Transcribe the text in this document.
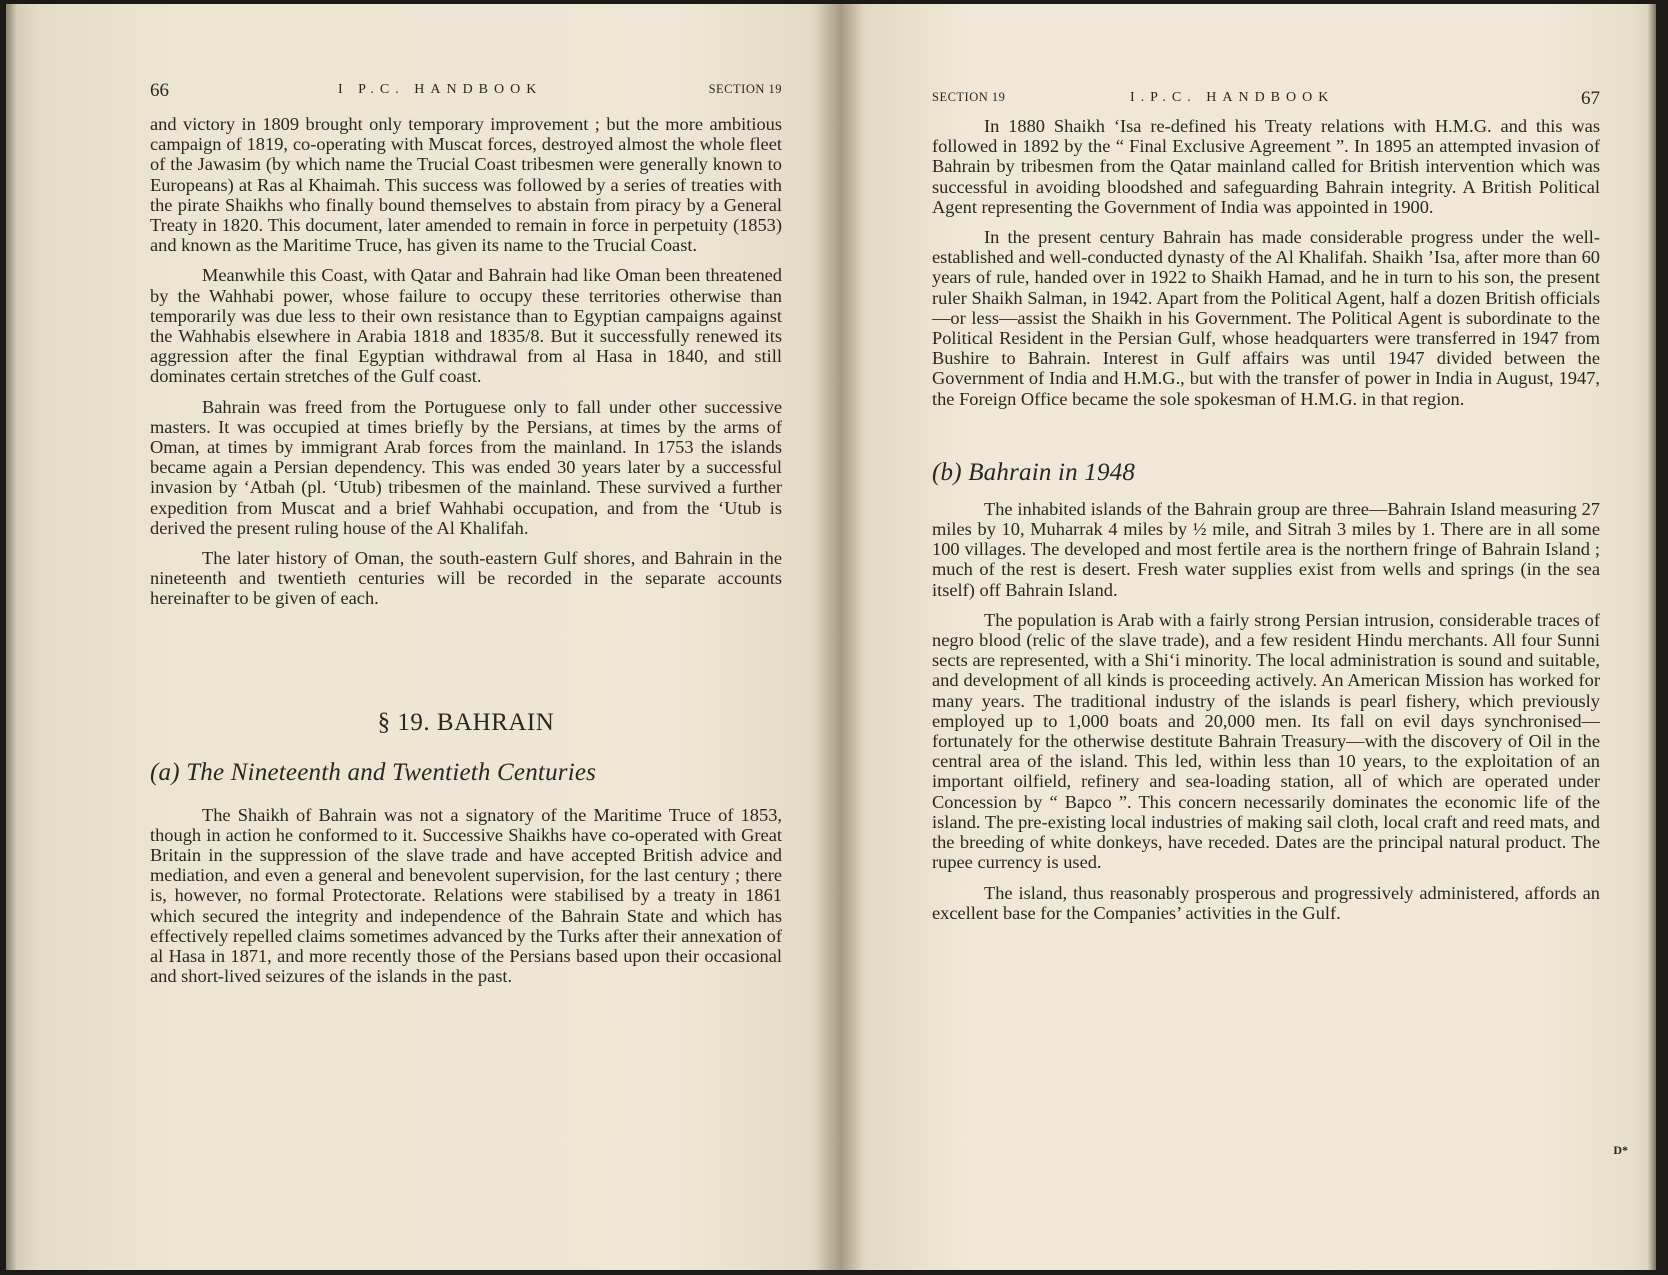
66	I P.C. HANDBOOK	SECTION 19

and victory in 1809 brought only temporary improvement ; but the more ambitious campaign of 1819, co-operating with Muscat forces, destroyed almost the whole fleet of the Jawasim (by which name the Trucial Coast tribesmen were generally known to Europeans) at Ras al Khaimah. This success was followed by a series of treaties with the pirate Shaikhs who finally bound themselves to abstain from piracy by a General Treaty in 1820. This document, later amended to remain in force in perpetuity (1853) and known as the Maritime Truce, has given its name to the Trucial Coast.

Meanwhile this Coast, with Qatar and Bahrain had like Oman been threatened by the Wahhabi power, whose failure to occupy these territories otherwise than temporarily was due less to their own resistance than to Egyptian campaigns against the Wahhabis elsewhere in Arabia 1818 and 1835/8. But it successfully renewed its aggression after the final Egyptian withdrawal from al Hasa in 1840, and still dominates certain stretches of the Gulf coast.

Bahrain was freed from the Portuguese only to fall under other successive masters. It was occupied at times briefly by the Persians, at times by the arms of Oman, at times by immigrant Arab forces from the mainland. In 1753 the islands became again a Persian dependency. This was ended 30 years later by a successful invasion by ‘Atbah (pl. ‘Utub) tribesmen of the mainland. These survived a further expedition from Muscat and a brief Wahhabi occupation, and from the ‘Utub is derived the present ruling house of the Al Khalifah.

The later history of Oman, the south-eastern Gulf shores, and Bahrain in the nineteenth and twentieth centuries will be recorded in the separate accounts hereinafter to be given of each.

§ 19. BAHRAIN
(a) The Nineteenth and Twentieth Centuries

The Shaikh of Bahrain was not a signatory of the Maritime Truce of 1853, though in action he conformed to it. Successive Shaikhs have co-operated with Great Britain in the suppression of the slave trade and have accepted British advice and mediation, and even a general and benevolent supervision, for the last century ; there is, however, no formal Protectorate. Relations were stabilised by a treaty in 1861 which secured the integrity and independence of the Bahrain State and which has effectively repelled claims sometimes advanced by the Turks after their annexation of al Hasa in 1871, and more recently those of the Persians based upon their occasional and short-lived seizures of the islands in the past.

SECTION 19	I.P.C. HANDBOOK	67

In 1880 Shaikh ‘Isa re-defined his Treaty relations with H.M.G. and this was followed in 1892 by the “ Final Exclusive Agreement ”. In 1895 an attempted invasion of Bahrain by tribesmen from the Qatar mainland called for British intervention which was successful in avoiding bloodshed and safeguarding Bahrain integrity. A British Political Agent representing the Government of India was appointed in 1900.

In the present century Bahrain has made considerable progress under the well-established and well-conducted dynasty of the Al Khalifah. Shaikh ’Isa, after more than 60 years of rule, handed over in 1922 to Shaikh Hamad, and he in turn to his son, the present ruler Shaikh Salman, in 1942. Apart from the Political Agent, half a dozen British officials—or less—assist the Shaikh in his Government. The Political Agent is subordinate to the Political Resident in the Persian Gulf, whose headquarters were transferred in 1947 from Bushire to Bahrain. Interest in Gulf affairs was until 1947 divided between the Government of India and H.M.G., but with the transfer of power in India in August, 1947, the Foreign Office became the sole spokesman of H.M.G. in that region.

(b) Bahrain in 1948

The inhabited islands of the Bahrain group are three—Bahrain Island measuring 27 miles by 10, Muharrak 4 miles by ½ mile, and Sitrah 3 miles by 1. There are in all some 100 villages. The developed and most fertile area is the northern fringe of Bahrain Island ; much of the rest is desert. Fresh water supplies exist from wells and springs (in the sea itself) off Bahrain Island.

The population is Arab with a fairly strong Persian intrusion, considerable traces of negro blood (relic of the slave trade), and a few resident Hindu merchants. All four Sunni sects are represented, with a Shi‘i minority. The local administration is sound and suitable, and development of all kinds is proceeding actively. An American Mission has worked for many years. The traditional industry of the islands is pearl fishery, which previously employed up to 1,000 boats and 20,000 men. Its fall on evil days synchronised—fortunately for the otherwise destitute Bahrain Treasury—with the discovery of Oil in the central area of the island. This led, within less than 10 years, to the exploitation of an important oilfield, refinery and sea-loading station, all of which are operated under Concession by “ Bapco ”. This concern necessarily dominates the economic life of the island. The pre-existing local industries of making sail cloth, local craft and reed mats, and the breeding of white donkeys, have receded. Dates are the principal natural product. The rupee currency is used.

The island, thus reasonably prosperous and progressively administered, affords an excellent base for the Companies’ activities in the Gulf.

D*
